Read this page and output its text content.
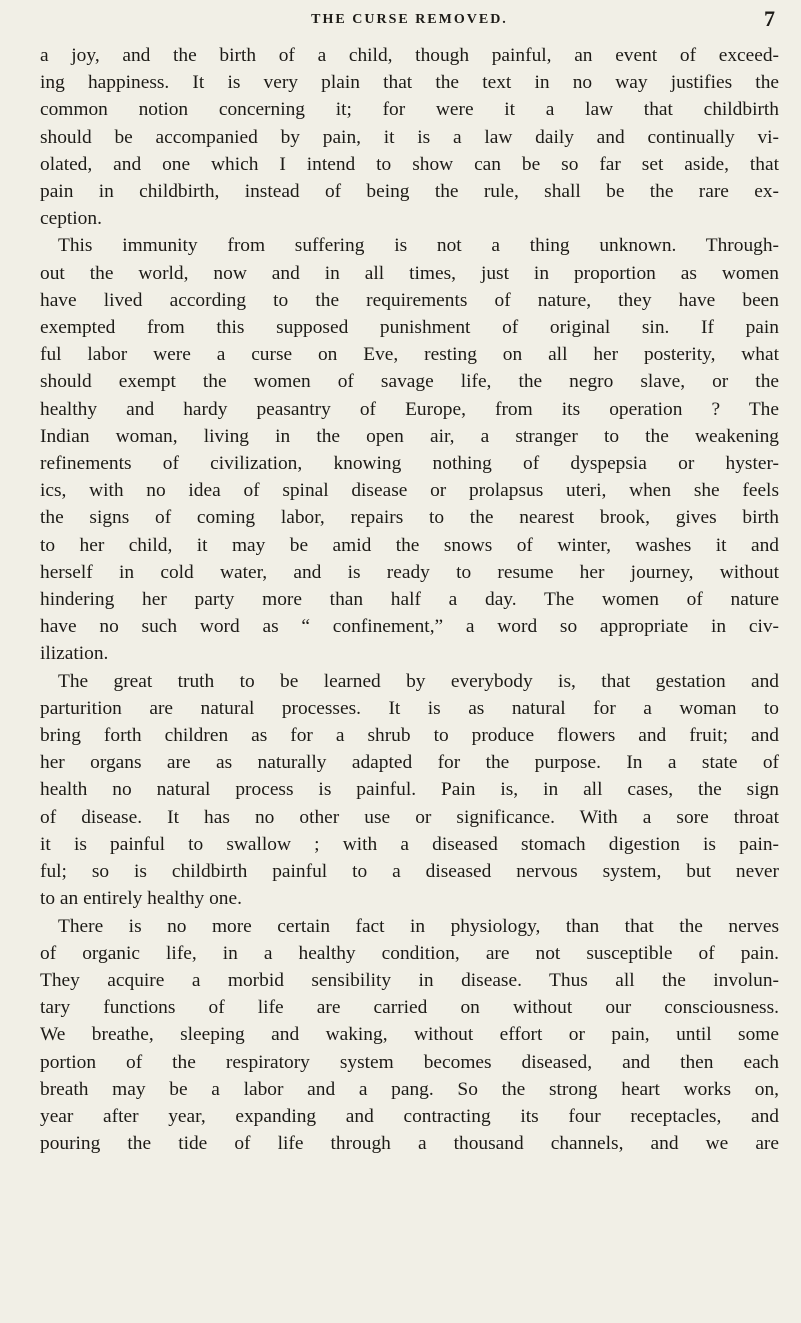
THE CURSE REMOVED.	7
a joy, and the birth of a child, though painful, an event of exceed-
ing happiness. It is very plain that the text in no way justifies the
common notion concerning it; for were it a law that childbirth
should be accompanied by pain, it is a law daily and continually vi-
olated, and one which I intend to show can be so far set aside, that
pain in childbirth, instead of being the rule, shall be the rare ex-
ception.
This immunity from suffering is not a thing unknown. Through-
out the world, now and in all times, just in proportion as women
have lived according to the requirements of nature, they have been
exempted from this supposed punishment of original sin. If pain
ful labor were a curse on Eve, resting on all her posterity, what
should exempt the women of savage life, the negro slave, or the
healthy and hardy peasantry of Europe, from its operation ? The
Indian woman, living in the open air, a stranger to the weakening
refinements of civilization, knowing nothing of dyspepsia or hyster-
ics, with no idea of spinal disease or prolapsus uteri, when she feels
the signs of coming labor, repairs to the nearest brook, gives birth
to her child, it may be amid the snows of winter, washes it and
herself in cold water, and is ready to resume her journey, without
hindering her party more than half a day. The women of nature
have no such word as “ confinement,” a word so appropriate in civ-
ilization.
The great truth to be learned by everybody is, that gestation and
parturition are natural processes. It is as natural for a woman to
bring forth children as for a shrub to produce flowers and fruit; and
her organs are as naturally adapted for the purpose. In a state of
health no natural process is painful. Pain is, in all cases, the sign
of disease. It has no other use or significance. With a sore throat
it is painful to swallow ; with a diseased stomach digestion is pain-
ful; so is childbirth painful to a diseased nervous system, but never
to an entirely healthy one.
There is no more certain fact in physiology, than that the nerves
of organic life, in a healthy condition, are not susceptible of pain.
They acquire a morbid sensibility in disease. Thus all the involun-
tary functions of life are carried on without our consciousness.
We breathe, sleeping and waking, without effort or pain, until some
portion of the respiratory system becomes diseased, and then each
breath may be a labor and a pang. So the strong heart works on,
year after year, expanding and contracting its four receptacles, and
pouring the tide of life through a thousand channels, and we are
